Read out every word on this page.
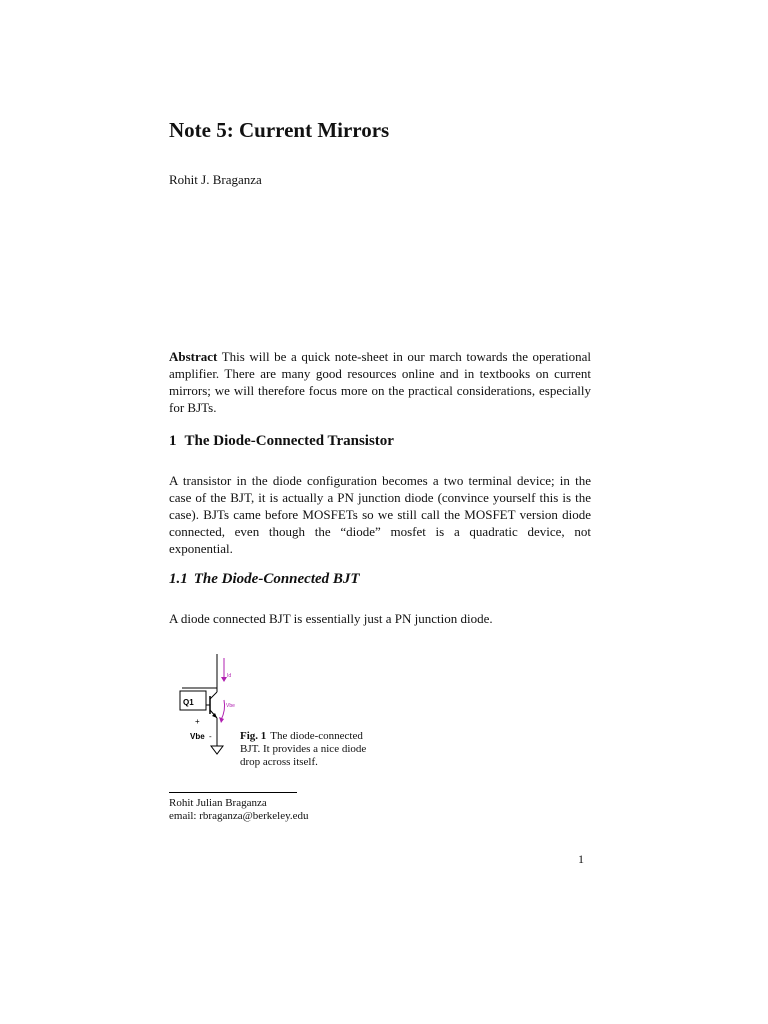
Note 5: Current Mirrors
Rohit J. Braganza
Abstract This will be a quick note-sheet in our march towards the operational amplifier. There are many good resources online and in textbooks on current mirrors; we will therefore focus more on the practical considerations, especially for BJTs.
1 The Diode-Connected Transistor
A transistor in the diode configuration becomes a two terminal device; in the case of the BJT, it is actually a PN junction diode (convince yourself this is the case). BJTs came before MOSFETs so we still call the MOSFET version diode connected, even though the “diode” mosfet is a quadratic device, not exponential.
1.1 The Diode-Connected BJT
A diode connected BJT is essentially just a PN junction diode.
Q1
+
Vbe -
Id
Vbe
Fig. 1 The diode-connected BJT. It provides a nice diode drop across itself.
Rohit Julian Braganza
email: rbraganza@berkeley.edu
1
